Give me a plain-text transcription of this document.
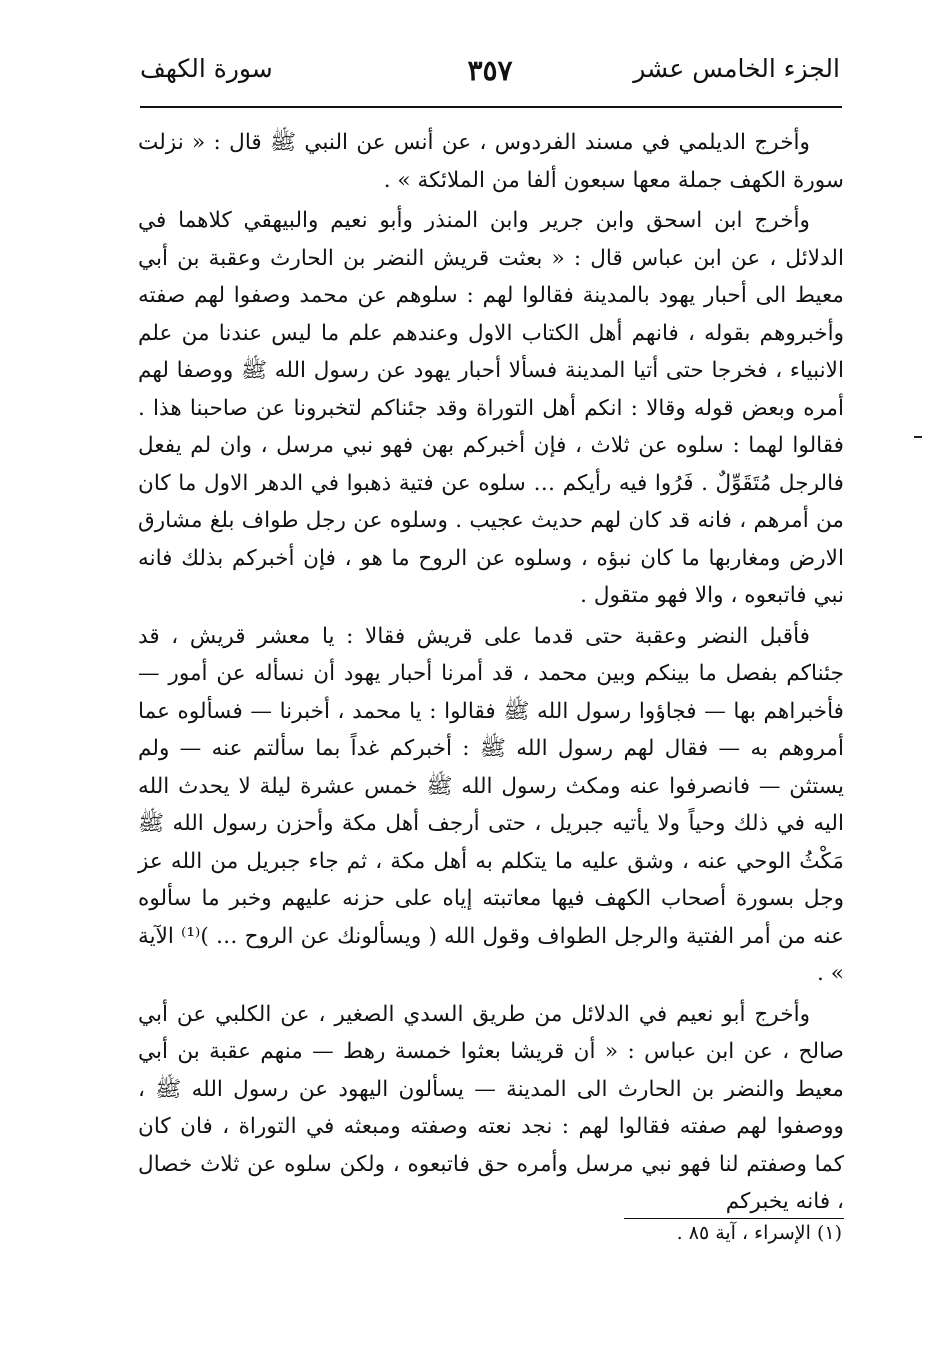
الجزء الخامس عشر
٣٥٧
سورة الكهف

وأخرج الديلمي في مسند الفردوس ، عن أنس عن النبي ﷺ قال : « نزلت سورة الكهف جملة معها سبعون ألفا من الملائكة » .

وأخرج ابن اسحق وابن جرير وابن المنذر وأبو نعيم والبيهقي كلاهما في الدلائل ، عن ابن عباس قال : « بعثت قريش النضر بن الحارث وعقبة بن أبي معيط الى أحبار يهود بالمدينة فقالوا لهم : سلوهم عن محمد وصفوا لهم صفته وأخبروهم بقوله ، فانهم أهل الكتاب الاول وعندهم علم ما ليس عندنا من علم الانبياء ، فخرجا حتى أتيا المدينة فسألا أحبار يهود عن رسول الله ﷺ ووصفا لهم أمره وبعض قوله وقالا : انكم أهل التوراة وقد جئناكم لتخبرونا عن صاحبنا هذا . فقالوا لهما : سلوه عن ثلاث ، فإن أخبركم بهن فهو نبي مرسل ، وان لم يفعل فالرجل مُتَقَوِّلٌ . فَرُوا فيه رأيكم … سلوه عن فتية ذهبوا في الدهر الاول ما كان من أمرهم ، فانه قد كان لهم حديث عجيب . وسلوه عن رجل طواف بلغ مشارق الارض ومغاربها ما كان نبؤه ، وسلوه عن الروح ما هو ، فإن أخبركم بذلك فانه نبي فاتبعوه ، والا فهو متقول .

فأقبل النضر وعقبة حتى قدما على قريش فقالا : يا معشر قريش ، قد جئناكم بفصل ما بينكم وبين محمد ، قد أمرنا أحبار يهود أن نسأله عن أمور — فأخبراهم بها — فجاؤوا رسول الله ﷺ فقالوا : يا محمد ، أخبرنا — فسألوه عما أمروهم به — فقال لهم رسول الله ﷺ : أخبركم غداً بما سألتم عنه — ولم يستثن — فانصرفوا عنه ومكث رسول الله ﷺ خمس عشرة ليلة لا يحدث الله اليه في ذلك وحياً ولا يأتيه جبريل ، حتى أرجف أهل مكة وأحزن رسول الله ﷺ مَكْثُ الوحي عنه ، وشق عليه ما يتكلم به أهل مكة ، ثم جاء جبريل من الله عز وجل بسورة أصحاب الكهف فيها معاتبته إياه على حزنه عليهم وخبر ما سألوه عنه من أمر الفتية والرجل الطواف وقول الله ( ويسألونك عن الروح … )⁽¹⁾ الآية » .

وأخرج أبو نعيم في الدلائل من طريق السدي الصغير ، عن الكلبي عن أبي صالح ، عن ابن عباس : « أن قريشا بعثوا خمسة رهط — منهم عقبة بن أبي معيط والنضر بن الحارث الى المدينة — يسألون اليهود عن رسول الله ﷺ ، ووصفوا لهم صفته فقالوا لهم : نجد نعته وصفته ومبعثه في التوراة ، فان كان كما وصفتم لنا فهو نبي مرسل وأمره حق فاتبعوه ، ولكن سلوه عن ثلاث خصال ، فانه يخبركم

(١) الإسراء ، آية ٨٥ .
